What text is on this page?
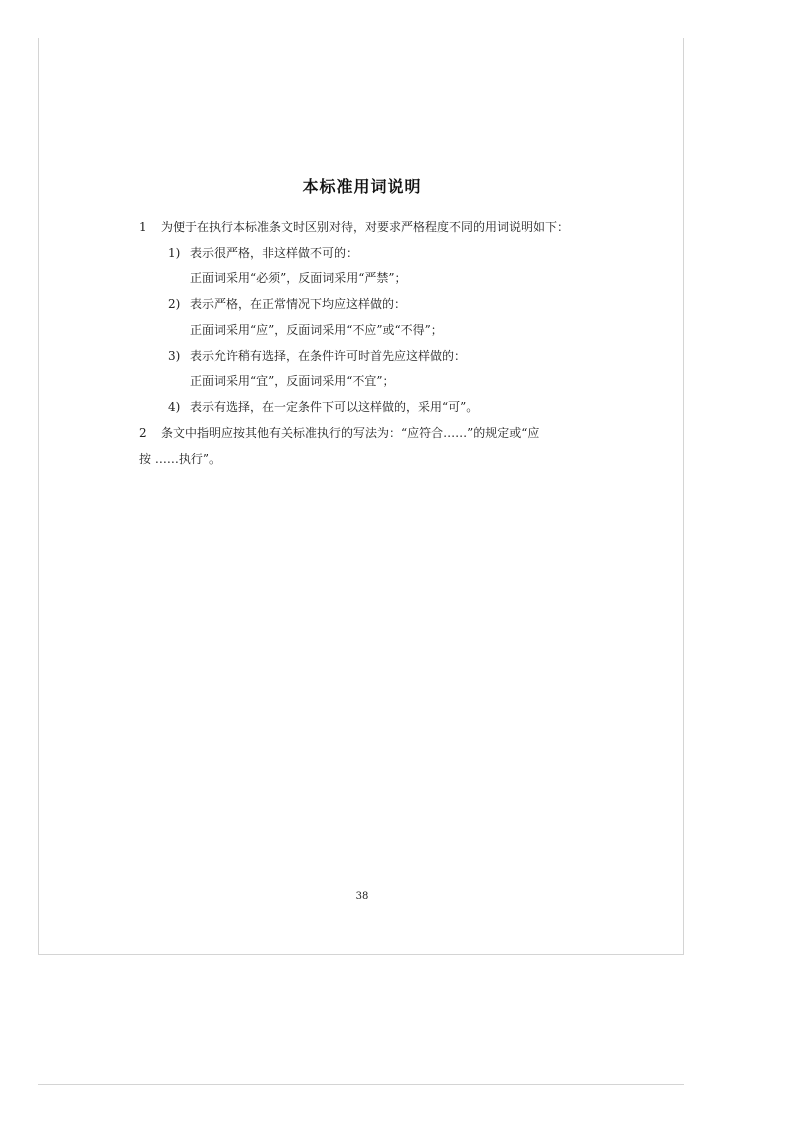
本标准用词说明
1 为便于在执行本标准条文时区别对待，对要求严格程度不同的用词说明如下：
1) 表示很严格，非这样做不可的：
正面词采用“必须”，反面词采用“严禁”；
2) 表示严格，在正常情况下均应这样做的：
正面词采用“应”，反面词采用“不应”或“不得”；
3) 表示允许稍有选择，在条件许可时首先应这样做的：
正面词采用“宜”，反面词采用“不宜”；
4) 表示有选择，在一定条件下可以这样做的，采用“可”。
2 条文中指明应按其他有关标准执行的写法为：“应符合……”的规定或“应
按 ……执行”。
38
